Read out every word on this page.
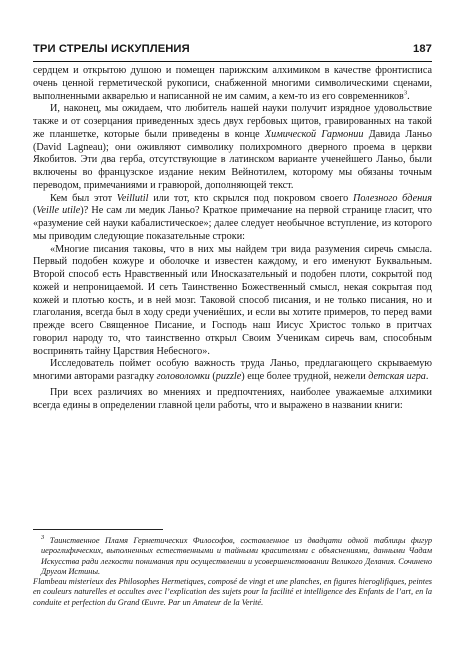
ТРИ СТРЕЛЫ ИСКУПЛЕНИЯ	187

сердцем и открытою душою и помещен парижским алхимиком в качестве фронтисписа очень ценной герметической рукописи, снабженной многими символическими сценами, выполненными акварелью и написанной не им самим, а кем-то из его современников$^3$.

И, наконец, мы ожидаем, что любитель нашей науки получит изрядное удовольствие также и от созерцания приведенных здесь двух гербовых щитов, гравированных на такой же планшетке, которые были приведены в конце Химической Гармонии Давида Ланьо (David Lagneau); они оживляют символику полихромного дверного проема в церкви Якобитов. Эти два герба, отсутствующие в латинском варианте ученейшего Ланьо, были включены во французское издание неким Вейнотилем, которому мы обязаны точным переводом, примечаниями и гравюрой, дополняющей текст.

Кем был этот Veillutil или тот, кто скрылся под покровом своего Полезного бдения (Veille utile)? Не сам ли медик Ланьо? Краткое примечание на первой странице гласит, что «разумение сей науки кабалистическое»; далее следует необычное вступление, из которого мы приводим следующие показательные строки:

«Многие писания таковы, что в них мы найдем три вида разумения сиречь смысла. Первый подобен кожуре и оболочке и известен каждому, и его именуют Буквальным. Второй способ есть Нравственный или Иносказательный и подобен плоти, сокрытой под кожей и непроницаемой. И сеть Таинственно Божественный смысл, некая сокрытая под кожей и плотью кость, и в ней мозг. Таковой способ писания, и не только писания, но и глаголания, всегда был в ходу среди учениёших, и если вы хотите примеров, то перед вами прежде всего Священное Писание, и Господь наш Иисус Христос только в притчах говорил народу то, что таинственно открыл Своим Ученикам сиречь вам, способным воспринять тайну Царствия Небесного».

Исследователь поймет особую важность труда Ланьо, предлагающего скрываемую многими авторами разгадку головоломки (puzzle) еще более трудной, нежели детская игра.

При всех различиях во мнениях и предпочтениях, наиболее уважаемые алхимики всегда едины в определении главной цели работы, что и выражено в названии книги:

$^3$ Таинственное Пламя Герметических Философов, составленное из двадцати одной таблицы фигур иероглифических, выполненных естественными и тайными красителями с объяснениями, данными Чадам Искусства ради легкости понимания при осуществлении и усовершенствовании Великого Делания. Сочинено Другом Истины.

Flambeau misterieux des Philosophes Hermetiques, composé de vingt et une planches, en figures hieroglifiques, peintes en couleurs naturelles et occultes avec l’explication des sujets pour la facilité et intelligence des Enfants de l’art, en la conduite et perfection du Grand Œuvre. Par un Amateur de la Verité.
